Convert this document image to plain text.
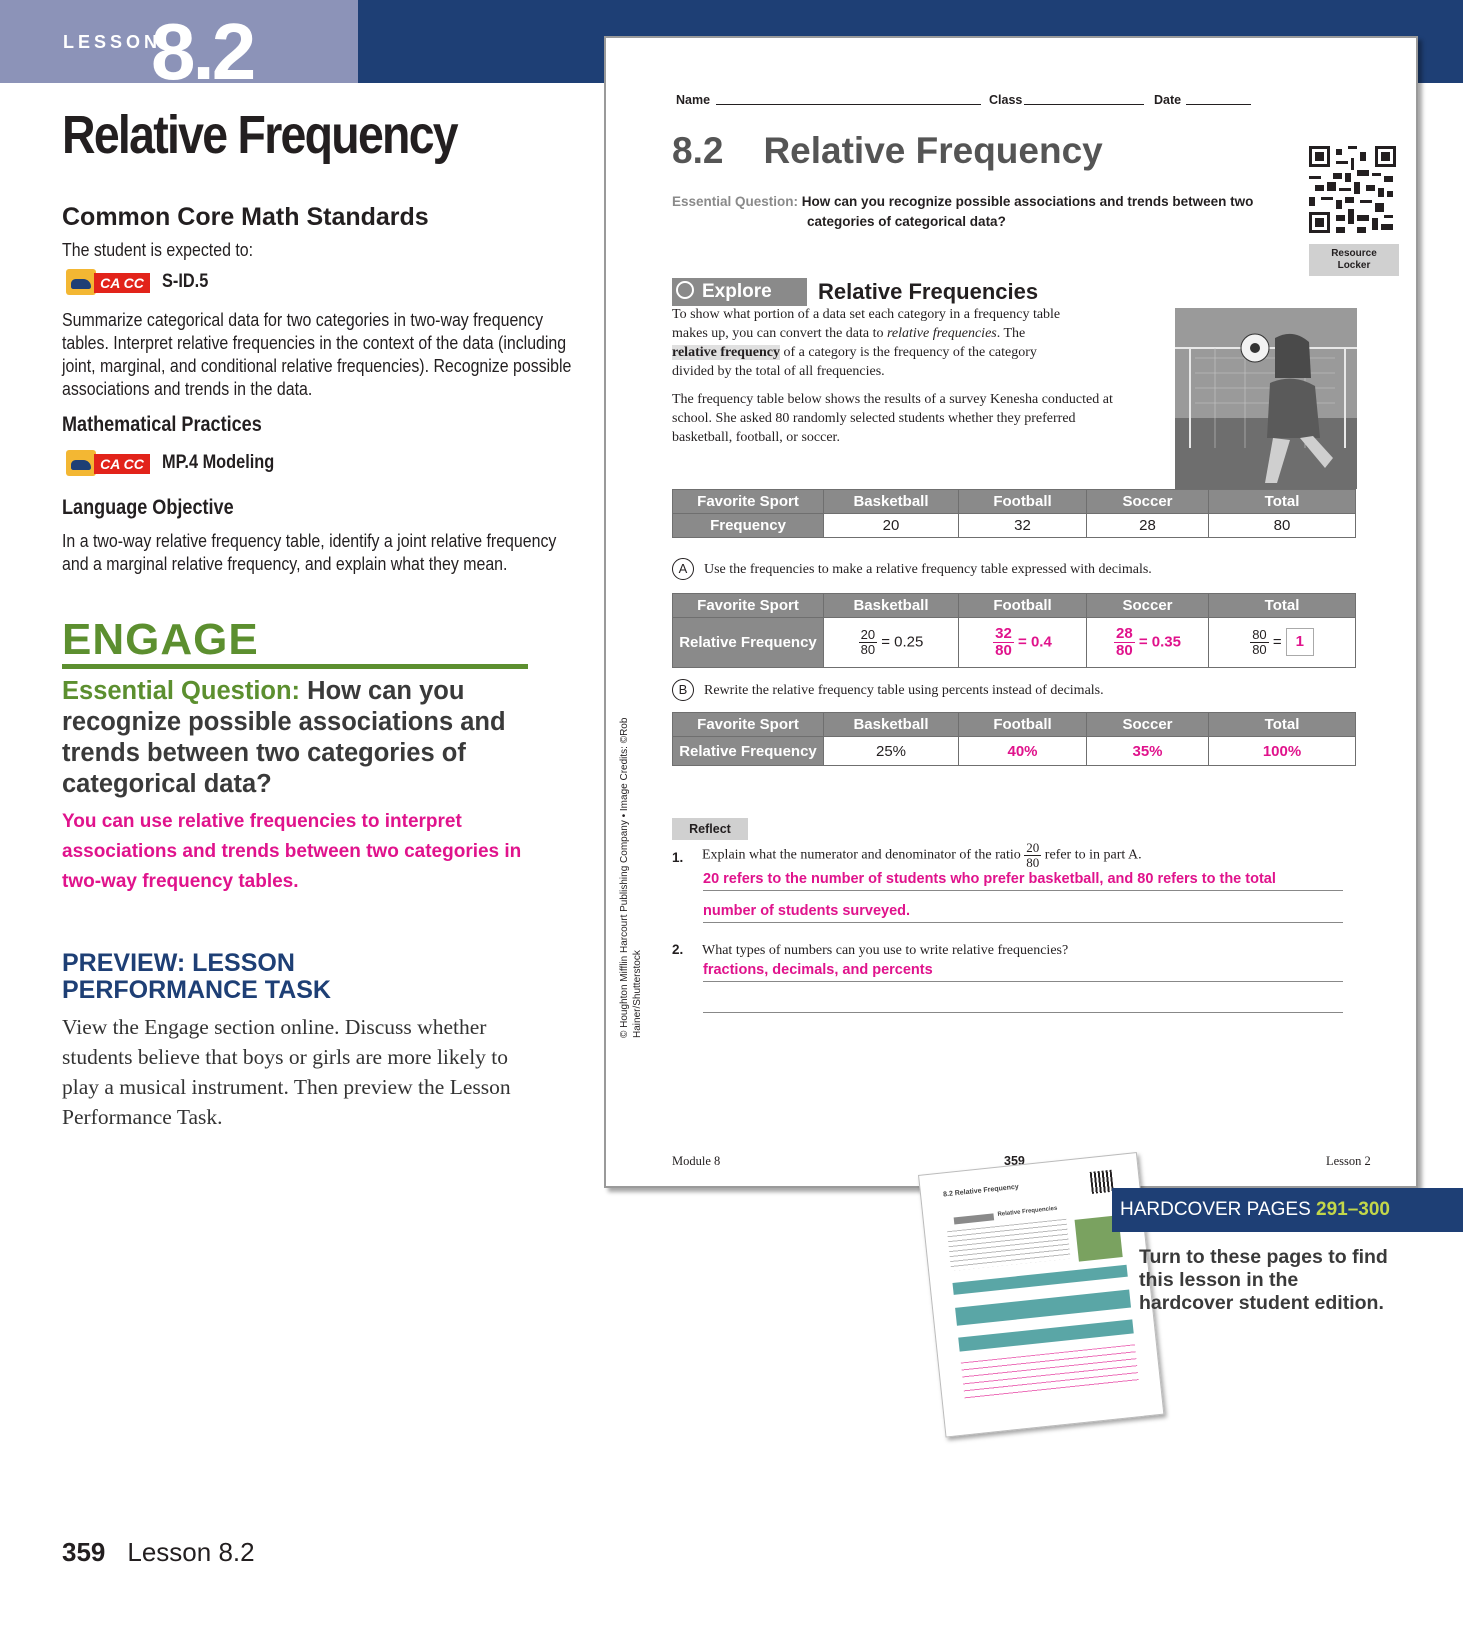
LESSON
8.2
Relative Frequency
Common Core Math Standards
The student is expected to:
CA CC S-ID.5
Summarize categorical data for two categories in two-way frequency
tables. Interpret relative frequencies in the context of the data (including
joint, marginal, and conditional relative frequencies). Recognize possible
associations and trends in the data.
Mathematical Practices
CA CC MP.4 Modeling
Language Objective
In a two-way relative frequency table, identify a joint relative frequency
and a marginal relative frequency, and explain what they mean.
ENGAGE
Essential Question: How can you recognize possible associations and trends between two categories of categorical data?
You can use relative frequencies to interpret associations and trends between two categories in two-way frequency tables.
PREVIEW: LESSON
PERFORMANCE TASK
View the Engage section online. Discuss whether students believe that boys or girls are more likely to play a musical instrument. Then preview the Lesson Performance Task.
359 Lesson 8.2
Name	Class	Date
8.2 Relative Frequency
Essential Question: How can you recognize possible associations and trends between two
categories of categorical data?
Resource
Locker
Explore	Relative Frequencies
To show what portion of a data set each category in a frequency table makes up, you can convert the data to relative frequencies. The relative frequency of a category is the frequency of the category divided by the total of all frequencies.
The frequency table below shows the results of a survey Kenesha conducted at school. She asked 80 randomly selected students whether they preferred basketball, football, or soccer.
Favorite Sport	Basketball	Football	Soccer	Total
Frequency	20	32	28	80
A Use the frequencies to make a relative frequency table expressed with decimals.
Favorite Sport	Basketball	Football	Soccer	Total
Relative Frequency	$\frac{20}{80} = 0.25$	$\frac{32}{80} = 0.4$	$\frac{28}{80} = 0.35$	$\frac{80}{80} = 1$
B Rewrite the relative frequency table using percents instead of decimals.
Favorite Sport	Basketball	Football	Soccer	Total
Relative Frequency	25%	40%	35%	100%
Reflect
1. Explain what the numerator and denominator of the ratio $\frac{20}{80}$ refer to in part A.
20 refers to the number of students who prefer basketball, and 80 refers to the total
number of students surveyed.
2. What types of numbers can you use to write relative frequencies?
fractions, decimals, and percents
© Houghton Mifflin Harcourt Publishing Company • Image Credits: ©Rob Hainer/Shutterstock
Module 8	359	Lesson 2
8.2 Relative Frequency
Relative Frequencies	HARDCOVER PAGES 291–300
Turn to these pages to find this lesson in the hardcover student edition.
